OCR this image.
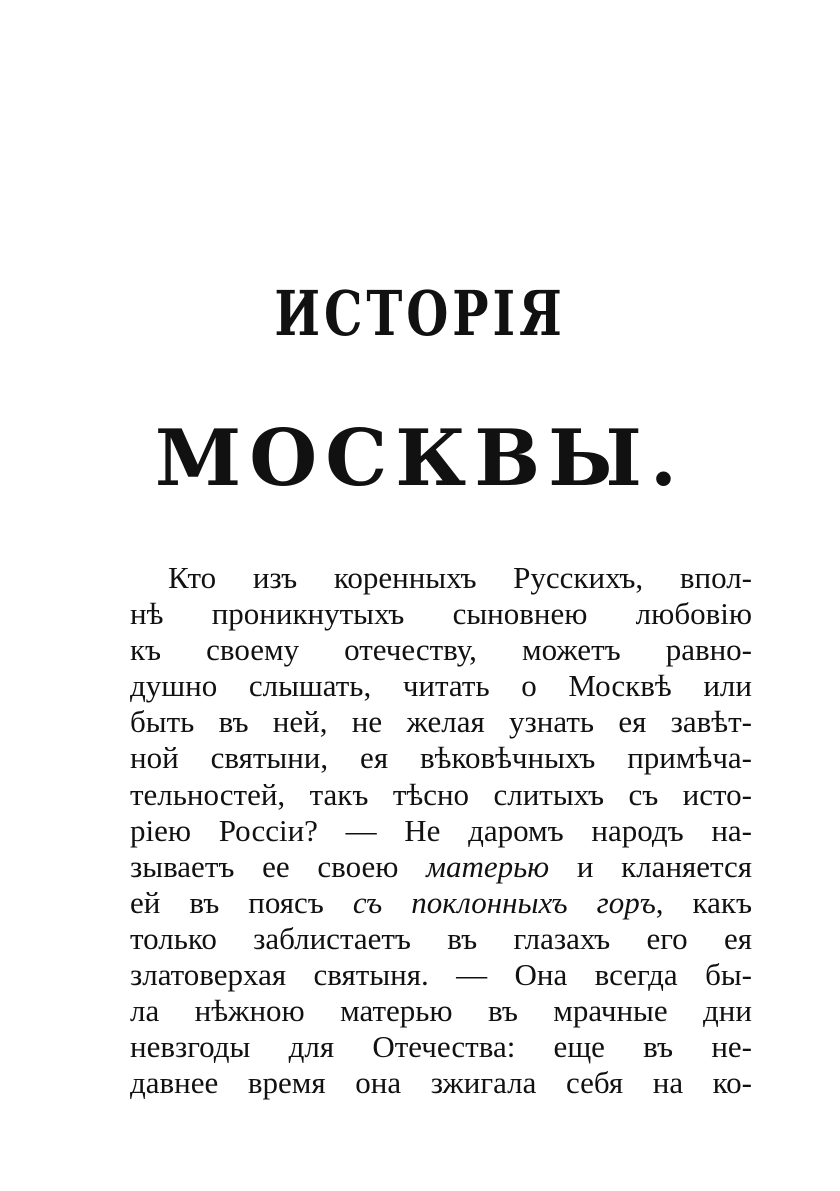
ИСТОРІЯ
МОСКВЫ.
Кто изъ коренныхъ Русскихъ, впол-
нѣ проникнутыхъ сыновнею любовію
къ своему отечеству, можетъ равно-
душно слышать, читать о Москвѣ или
быть въ ней, не желая узнать ея завѣт-
ной святыни, ея вѣковѣчныхъ примѣча-
тельностей, такъ тѣсно слитыхъ съ исто-
ріею Россіи? — Не даромъ народъ на-
зываетъ ее своею матерью и кланяется
ей въ поясъ съ поклонныхъ горъ, какъ
только заблистаетъ въ глазахъ его ея
златоверхая святыня. — Она всегда бы-
ла нѣжною матерью въ мрачные дни
невзгоды для Отечества: еще въ не-
давнее время она зжигала себя на ко-
